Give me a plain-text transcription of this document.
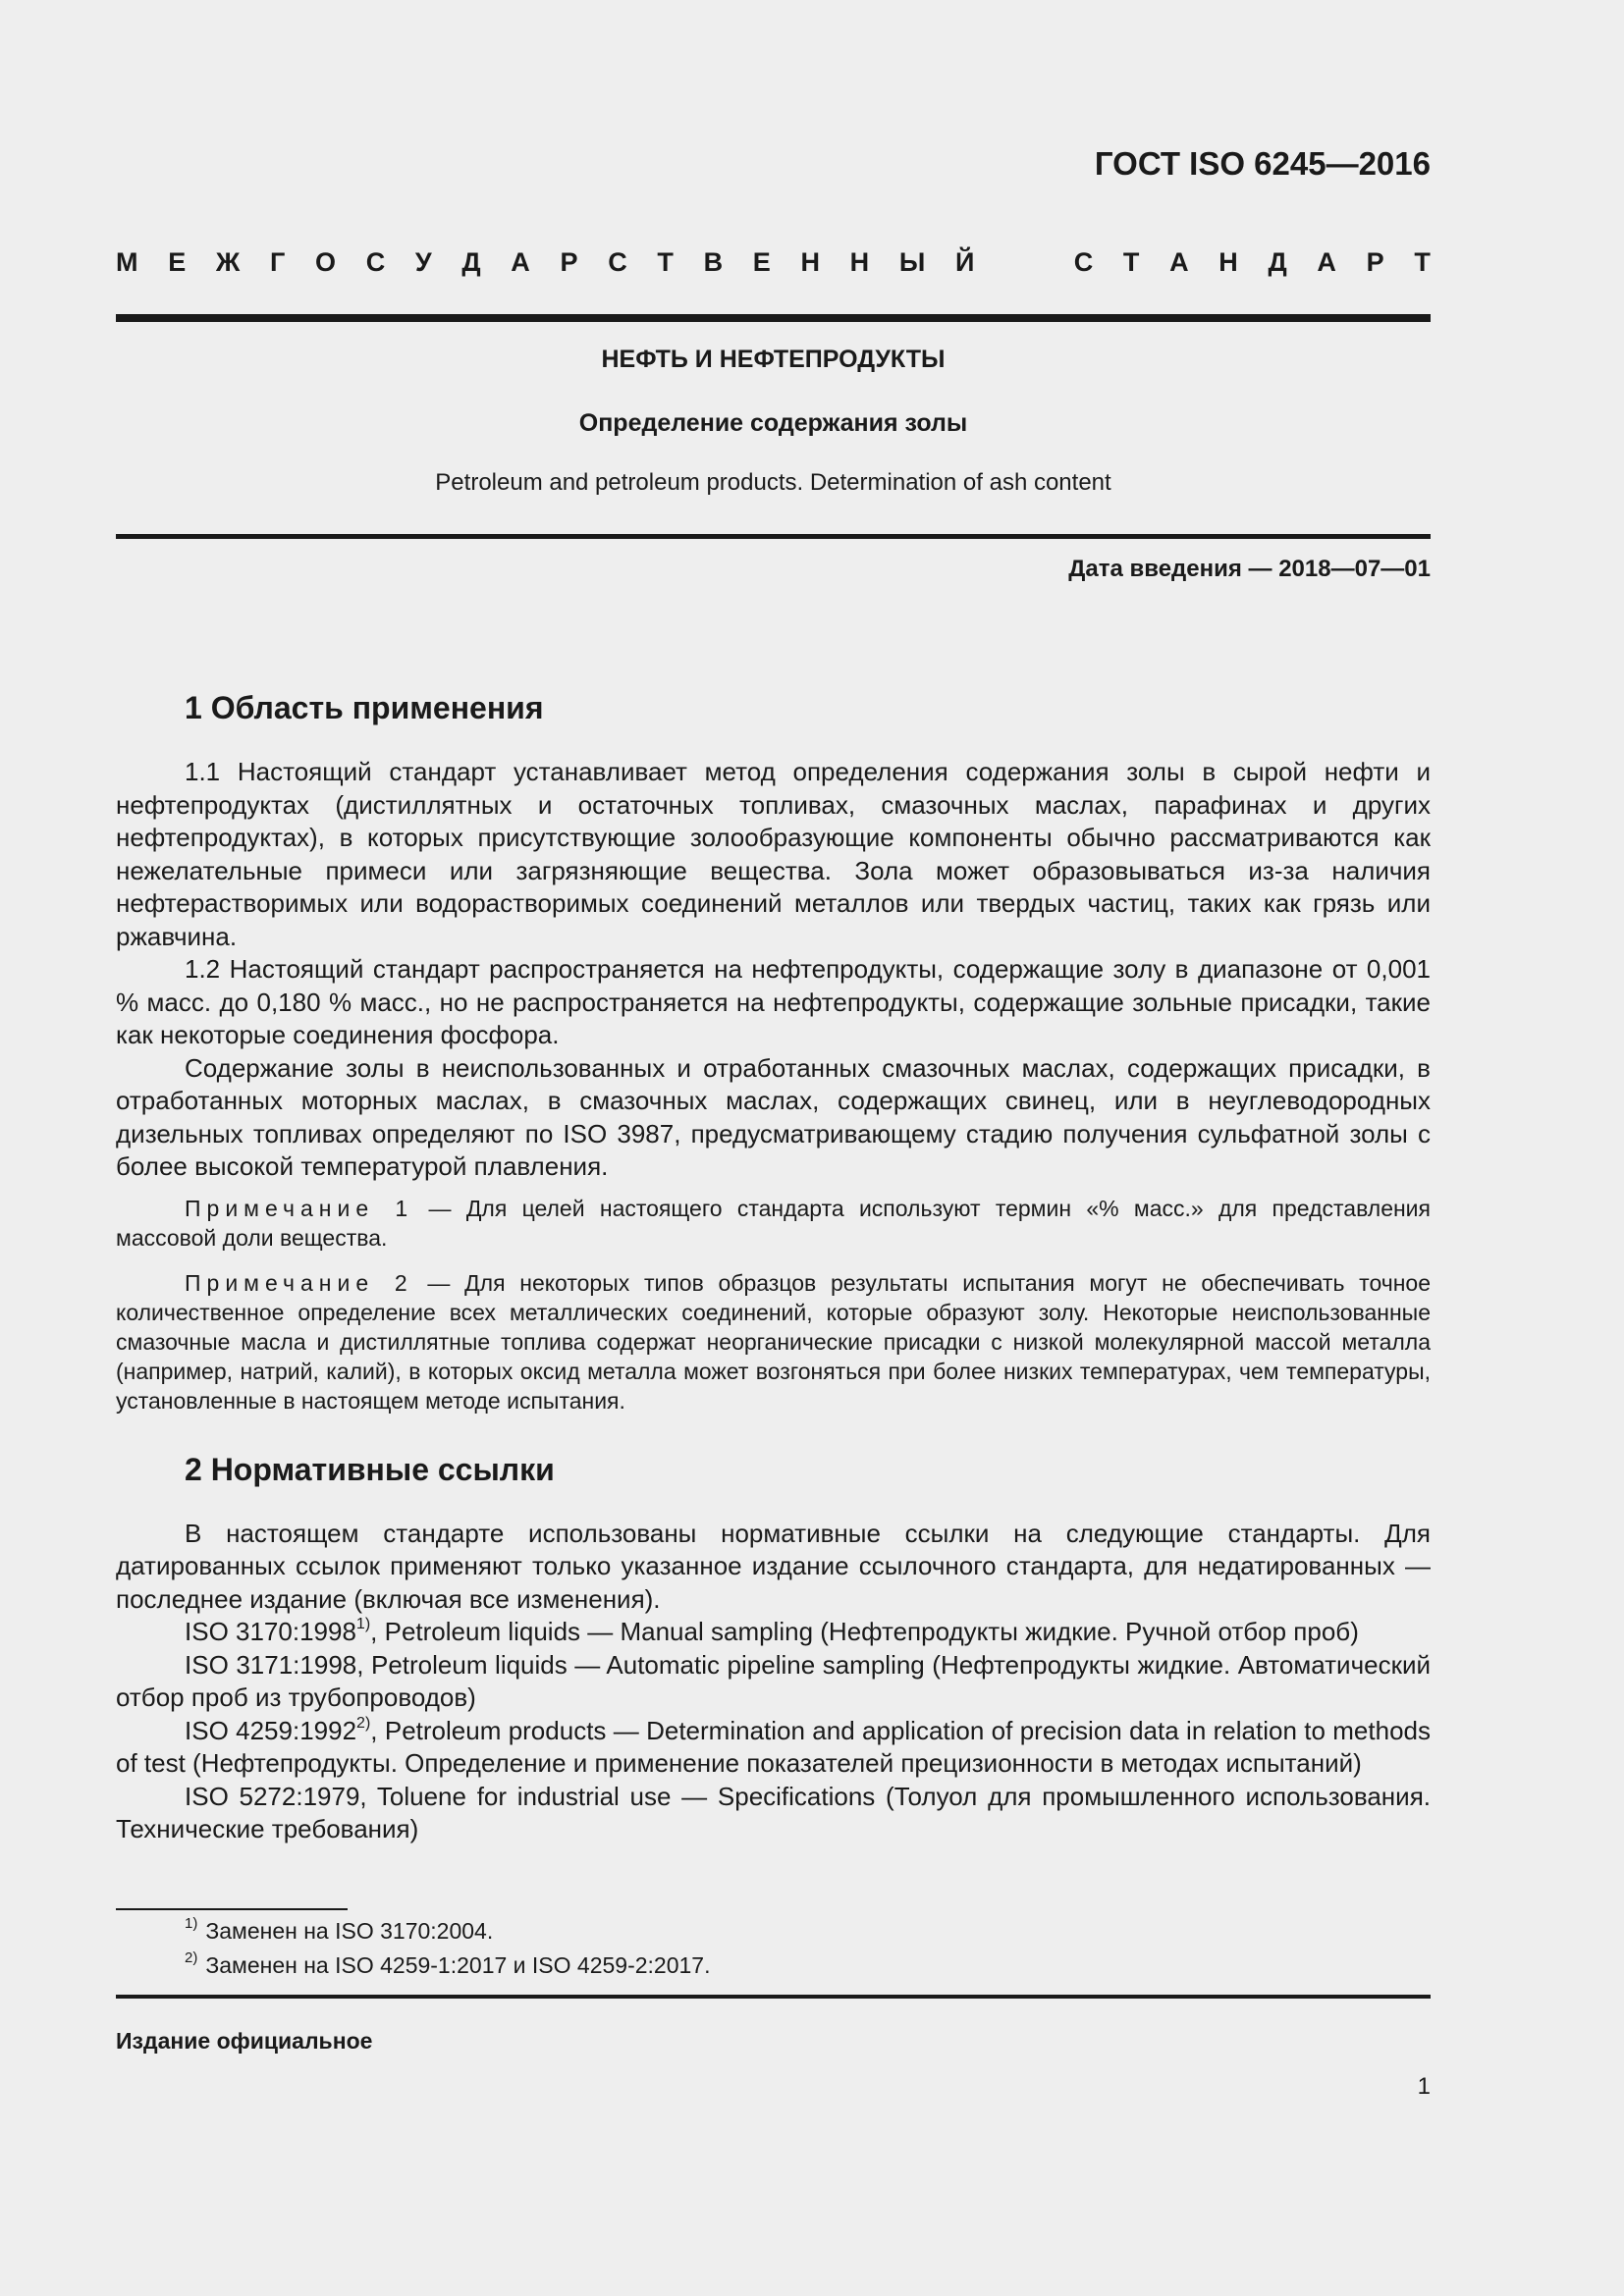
ГОСТ ISO 6245—2016

М Е Ж Г О С У Д А Р С Т В Е Н Н Ы Й	С Т А Н Д А Р Т

НЕФТЬ И НЕФТЕПРОДУКТЫ

Определение содержания золы

Petroleum and petroleum products. Determination of ash content

Дата введения — 2018—07—01

1 Область применения

1.1 Настоящий стандарт устанавливает метод определения содержания золы в сырой нефти и нефтепродуктах (дистиллятных и остаточных топливах, смазочных маслах, парафинах и других нефтепродуктах), в которых присутствующие золообразующие компоненты обычно рассматриваются как нежелательные примеси или загрязняющие вещества. Зола может образовываться из-за наличия нефтерастворимых или водорастворимых соединений металлов или твердых частиц, таких как грязь или ржавчина.

1.2 Настоящий стандарт распространяется на нефтепродукты, содержащие золу в диапазоне от 0,001 % масс. до 0,180 % масс., но не распространяется на нефтепродукты, содержащие зольные присадки, такие как некоторые соединения фосфора.

Содержание золы в неиспользованных и отработанных смазочных маслах, содержащих присадки, в отработанных моторных маслах, в смазочных маслах, содержащих свинец, или в неуглеводородных дизельных топливах определяют по ISO 3987, предусматривающему стадию получения сульфатной золы с более высокой температурой плавления.

Примечание 1 — Для целей настоящего стандарта используют термин «% масс.» для представления массовой доли вещества.

Примечание 2 — Для некоторых типов образцов результаты испытания могут не обеспечивать точное количественное определение всех металлических соединений, которые образуют золу. Некоторые неиспользованные смазочные масла и дистиллятные топлива содержат неорганические присадки с низкой молекулярной массой металла (например, натрий, калий), в которых оксид металла может возгоняться при более низких температурах, чем температуры, установленные в настоящем методе испытания.

2 Нормативные ссылки

В настоящем стандарте использованы нормативные ссылки на следующие стандарты. Для датированных ссылок применяют только указанное издание ссылочного стандарта, для недатированных — последнее издание (включая все изменения).

ISO 3170:1998$^{1)}$, Petroleum liquids — Manual sampling (Нефтепродукты жидкие. Ручной отбор проб)

ISO 3171:1998, Petroleum liquids — Automatic pipeline sampling (Нефтепродукты жидкие. Автоматический отбор проб из трубопроводов)

ISO 4259:1992$^{2)}$, Petroleum products — Determination and application of precision data in relation to methods of test (Нефтепродукты. Определение и применение показателей прецизионности в методах испытаний)

ISO 5272:1979, Toluene for industrial use — Specifications (Толуол для промышленного использования. Технические требования)

$^{1)}$ Заменен на ISO 3170:2004.

$^{2)}$ Заменен на ISO 4259-1:2017 и ISO 4259-2:2017.

Издание официальное

1
